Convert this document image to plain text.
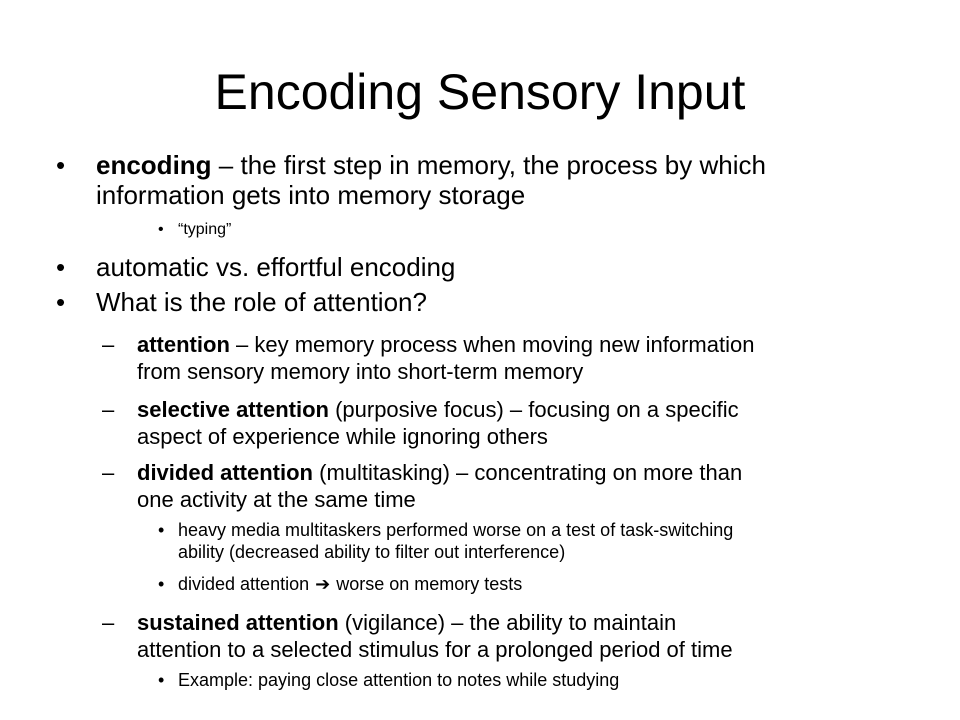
Encoding Sensory Input
• encoding – the first step in memory, the process by which
information gets into memory storage
• “typing”
• automatic vs. effortful encoding
• What is the role of attention?
– attention – key memory process when moving new information
from sensory memory into short-term memory
– selective attention (purposive focus) – focusing on a specific
aspect of experience while ignoring others
– divided attention (multitasking) – concentrating on more than
one activity at the same time
• heavy media multitaskers performed worse on a test of task-switching
ability (decreased ability to filter out interference)
• divided attention ➔ worse on memory tests
– sustained attention (vigilance) – the ability to maintain
attention to a selected stimulus for a prolonged period of time
• Example: paying close attention to notes while studying
